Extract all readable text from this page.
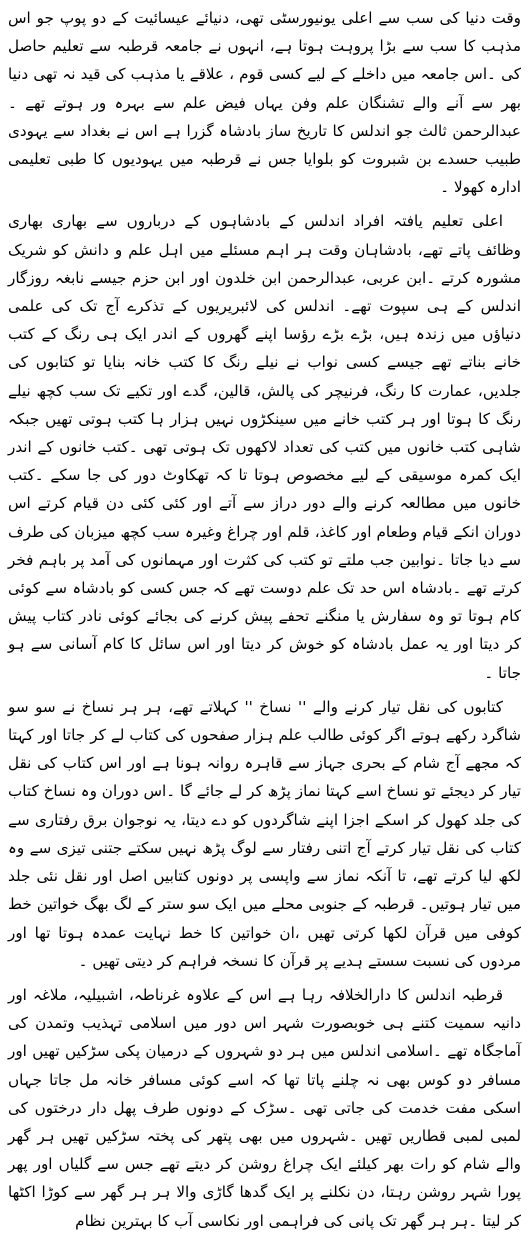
وقت دنیا کی سب سے اعلی یونیورسٹی تھی، دنیائے عیسائیت کے دو پوپ جو اس مذہب کا سب سے بڑا پروہت ہوتا ہے، انہوں نے جامعہ قرطبہ سے تعلیم حاصل کی ۔اس جامعہ میں داخلے کے لیے کسی قوم ، علاقے یا مذہب کی قید نہ تھی دنیا بھر سے آنے والے تشنگان علم وفن یہاں فیض علم سے بہرہ ور ہوتے تھے ۔عبدالرحمن ثالث جو اندلس کا تاریخ ساز بادشاہ گزرا ہے اس نے بغداد سے یہودی طبیب حسدے بن شبروت کو بلوایا جس نے قرطبہ میں یہودیوں کا طبی تعلیمی ادارہ کھولا ۔

اعلی تعلیم یافتہ افراد اندلس کے بادشاہوں کے درباروں سے بھاری بھاری وظائف پاتے تھے، بادشاہان وقت ہر اہم مسئلے میں اہل علم و دانش کو شریک مشورہ کرتے ۔ابن عربی، عبدالرحمن ابن خلدون اور ابن حزم جیسے نابغہ روزگار اندلس کے ہی سپوت تھے۔ اندلس کی لائبریریوں کے تذکرے آج تک کی علمی دنیاؤں میں زندہ ہیں، بڑے بڑے رؤسا اپنے گھروں کے اندر ایک ہی رنگ کے کتب خانے بناتے تھے جیسے کسی نواب نے نیلے رنگ کا کتب خانہ بنایا تو کتابوں کی جلدیں، عمارت کا رنگ، فرنیچر کی پالش، قالین، گدے اور تکیے تک سب کچھ نیلے رنگ کا ہوتا اور ہر کتب خانے میں سینکڑوں نہیں ہزار ہا کتب ہوتی تھیں جبکہ شاہی کتب خانوں میں کتب کی تعداد لاکھوں تک ہوتی تھی ۔کتب خانوں کے اندر ایک کمرہ موسیقی کے لیے مخصوص ہوتا تا کہ تھکاوٹ دور کی جا سکے ۔کتب خانوں میں مطالعہ کرنے والے دور دراز سے آتے اور کئی کئی دن قیام کرتے اس دوران انکے قیام وطعام اور کاغذ، قلم اور چراغ وغیرہ سب کچھ میزبان کی طرف سے دیا جاتا ۔نوابین جب ملتے تو کتب کی کثرت اور مہمانوں کی آمد پر باہم فخر کرتے تھے ۔بادشاہ اس حد تک علم دوست تھے کہ جس کسی کو بادشاہ سے کوئی کام ہوتا تو وہ سفارش یا منگنے تحفے پیش کرنے کی بجائے کوئی نادر کتاب پیش کر دیتا اور یہ عمل بادشاہ کو خوش کر دیتا اور اس سائل کا کام آسانی سے ہو جاتا ۔

کتابوں کی نقل تیار کرنے والے '' نساخ '' کہلاتے تھے، ہر ہر نساخ نے سو سو شاگرد رکھے ہوتے اگر کوئی طالب علم ہزار صفحوں کی کتاب لے کر جاتا اور کہتا کہ مجھے آج شام کے بحری جہاز سے قاہرہ روانہ ہونا ہے اور اس کتاب کی نقل تیار کر دیجئے تو نساخ اسے کہتا نماز پڑھ کر لے جائے گا ۔اس دوران وہ نساخ کتاب کی جلد کھول کر اسکے اجزا اپنے شاگردوں کو دے دیتا، یہ نوجوان برق رفتاری سے کتاب کی نقل تیار کرتے آج اتنی رفتار سے لوگ پڑھ نہیں سکتے جتنی تیزی سے وہ لکھ لیا کرتے تھے، تا آنکہ نماز سے واپسی پر دونوں کتابیں اصل اور نقل نئی جلد میں تیار ہوتیں۔ قرطبہ کے جنوبی محلے میں ایک سو ستر کے لگ بھگ خواتین خط کوفی میں قرآن لکھا کرتی تھیں ،ان خواتین کا خط نہایت عمدہ ہوتا تھا اور مردوں کی نسبت سستے ہدیے پر قرآن کا نسخہ فراہم کر دیتی تھیں ۔

قرطبہ اندلس کا دارالخلافہ رہا ہے اس کے علاوہ غرناطہ، اشبیلیہ، ملاغہ اور دانیہ سمیت کتنے ہی خوبصورت شہر اس دور میں اسلامی تہذیب وتمدن کی آماجگاہ تھے ۔اسلامی اندلس میں ہر دو شہروں کے درمیان پکی سڑکیں تھیں اور مسافر دو کوس بھی نہ چلنے پاتا تھا کہ اسے کوئی مسافر خانہ مل جاتا جہاں اسکی مفت خدمت کی جاتی تھی ۔سڑک کے دونوں طرف پھل دار درختوں کی لمبی لمبی قطاریں تھیں ۔شہروں میں بھی پتھر کی پختہ سڑکیں تھیں ہر گھر والے شام کو رات بھر کیلئے ایک چراغ روشن کر دیتے تھے جس سے گلیاں اور پھر پورا شہر روشن رہتا، دن نکلنے پر ایک گدھا گاڑی والا ہر ہر گھر سے کوڑا اکٹھا کر لیتا ۔ہر ہر گھر تک پانی کی فراہمی اور نکاسی آب کا بہترین نظام
